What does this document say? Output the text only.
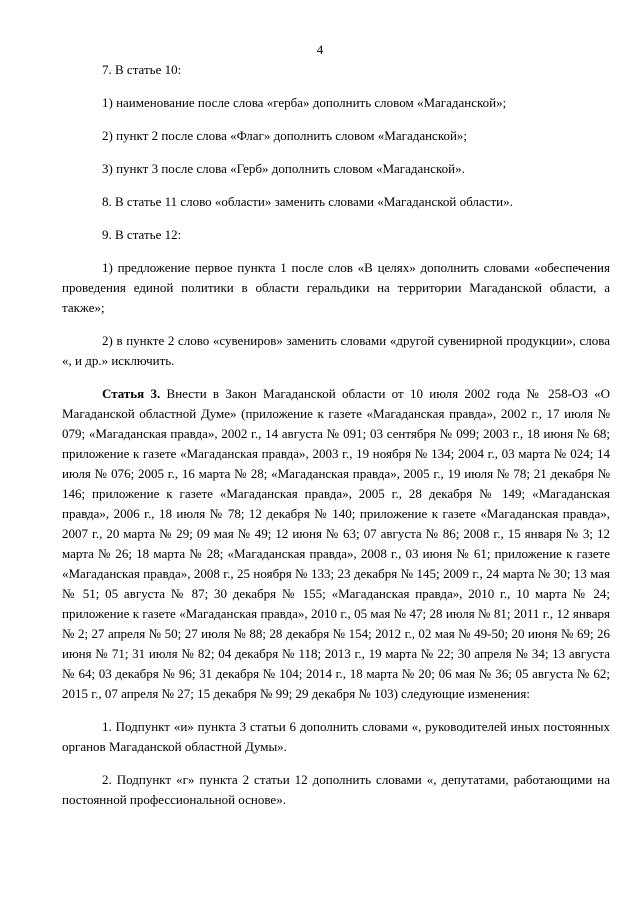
4

7. В статье 10:

1) наименование после слова «герба» дополнить словом «Магаданской»;

2) пункт 2 после слова «Флаг» дополнить словом «Магаданской»;

3) пункт 3 после слова «Герб» дополнить словом «Магаданской».

8. В статье 11 слово «области» заменить словами «Магаданской области».

9. В статье 12:

1) предложение первое пункта 1 после слов «В целях» дополнить словами «обеспечения проведения единой политики в области геральдики на территории Магаданской области, а также»;

2) в пункте 2 слово «сувениров» заменить словами «другой сувенирной продукции», слова «, и др.» исключить.

Статья 3. Внести в Закон Магаданской области от 10 июля 2002 года № 258-ОЗ «О Магаданской областной Думе» (приложение к газете «Магаданская правда», 2002 г., 17 июля № 079; «Магаданская правда», 2002 г., 14 августа № 091; 03 сентября № 099; 2003 г., 18 июня № 68; приложение к газете «Магаданская правда», 2003 г., 19 ноября № 134; 2004 г., 03 марта № 024; 14 июля № 076; 2005 г., 16 марта № 28; «Магаданская правда», 2005 г., 19 июля № 78; 21 декабря № 146; приложение к газете «Магаданская правда», 2005 г., 28 декабря № 149; «Магаданская правда», 2006 г., 18 июля № 78; 12 декабря № 140; приложение к газете «Магаданская правда», 2007 г., 20 марта № 29; 09 мая № 49; 12 июня № 63; 07 августа № 86; 2008 г., 15 января № 3; 12 марта № 26; 18 марта № 28; «Магаданская правда», 2008 г., 03 июня № 61; приложение к газете «Магаданская правда», 2008 г., 25 ноября № 133; 23 декабря № 145; 2009 г., 24 марта № 30; 13 мая № 51; 05 августа № 87; 30 декабря № 155; «Магаданская правда», 2010 г., 10 марта № 24; приложение к газете «Магаданская правда», 2010 г., 05 мая № 47; 28 июля № 81; 2011 г., 12 января № 2; 27 апреля № 50; 27 июля № 88; 28 декабря № 154; 2012 г., 02 мая № 49-50; 20 июня № 69; 26 июня № 71; 31 июля № 82; 04 декабря № 118; 2013 г., 19 марта № 22; 30 апреля № 34; 13 августа № 64; 03 декабря № 96; 31 декабря № 104; 2014 г., 18 марта № 20; 06 мая № 36; 05 августа № 62; 2015 г., 07 апреля № 27; 15 декабря № 99; 29 декабря № 103) следующие изменения:

1. Подпункт «и» пункта 3 статьи 6 дополнить словами «, руководителей иных постоянных органов Магаданской областной Думы».

2. Подпункт «г» пункта 2 статьи 12 дополнить словами «, депутатами, работающими на постоянной профессиональной основе».
